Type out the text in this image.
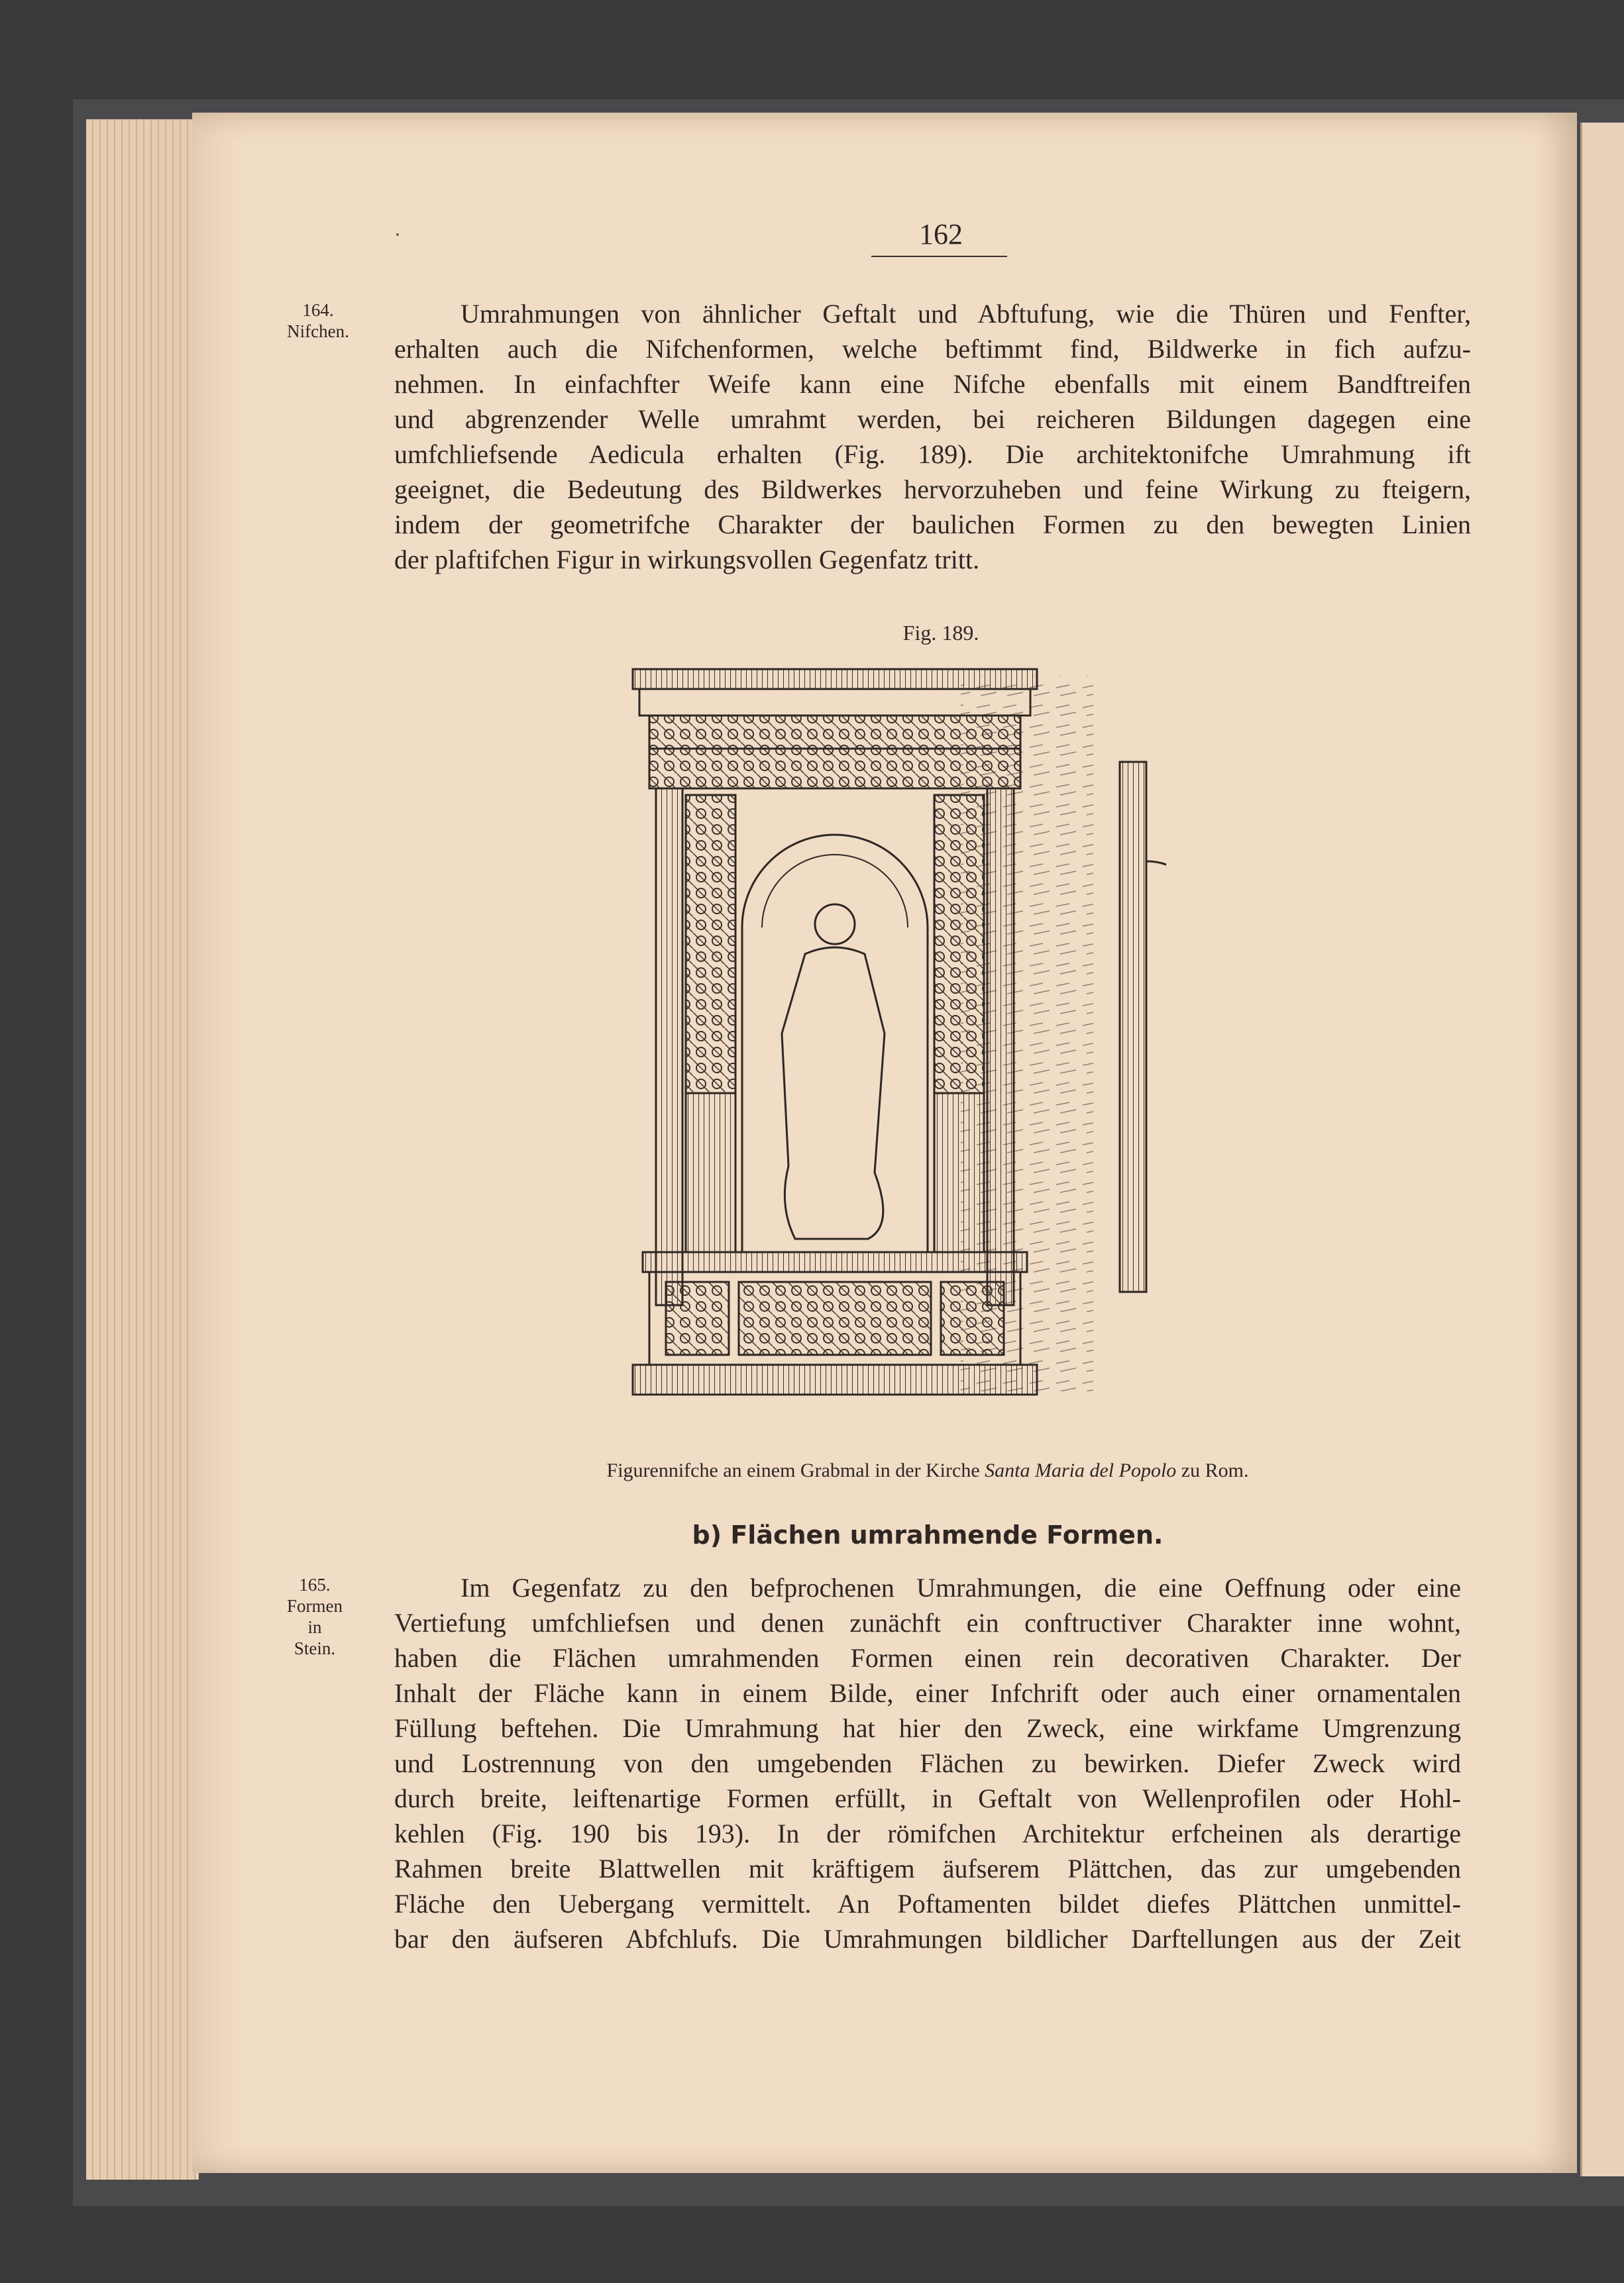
162
164.
Nifchen.
Umrahmungen von ähnlicher Geftalt und Abftufung, wie die Thüren und Fenfter,
erhalten auch die Nifchenformen, welche beftimmt find, Bildwerke in fich aufzu-
nehmen. In einfachfter Weife kann eine Nifche ebenfalls mit einem Bandftreifen
und abgrenzender Welle umrahmt werden, bei reicheren Bildungen dagegen eine
umfchliefsende Aedicula erhalten (Fig. 189). Die architektonifche Umrahmung ift
geeignet, die Bedeutung des Bildwerkes hervorzuheben und feine Wirkung zu fteigern,
indem der geometrifche Charakter der baulichen Formen zu den bewegten Linien
der plaftifchen Figur in wirkungsvollen Gegenfatz tritt.
Fig. 189.
Figurennifche an einem Grabmal in der Kirche Santa Maria del Popolo zu Rom.
b) Flächen umrahmende Formen.
165.
Formen
in
Stein.
Im Gegenfatz zu den befprochenen Umrahmungen, die eine Oeffnung oder eine
Vertiefung umfchliefsen und denen zunächft ein conftructiver Charakter inne wohnt,
haben die Flächen umrahmenden Formen einen rein decorativen Charakter. Der
Inhalt der Fläche kann in einem Bilde, einer Infchrift oder auch einer ornamentalen
Füllung beftehen. Die Umrahmung hat hier den Zweck, eine wirkfame Umgrenzung
und Lostrennung von den umgebenden Flächen zu bewirken. Diefer Zweck wird
durch breite, leiftenartige Formen erfüllt, in Geftalt von Wellenprofilen oder Hohl-
kehlen (Fig. 190 bis 193). In der römifchen Architektur erfcheinen als derartige
Rahmen breite Blattwellen mit kräftigem äufserem Plättchen, das zur umgebenden
Fläche den Uebergang vermittelt. An Poftamenten bildet diefes Plättchen unmittel-
bar den äufseren Abfchlufs. Die Umrahmungen bildlicher Darftellungen aus der Zeit
